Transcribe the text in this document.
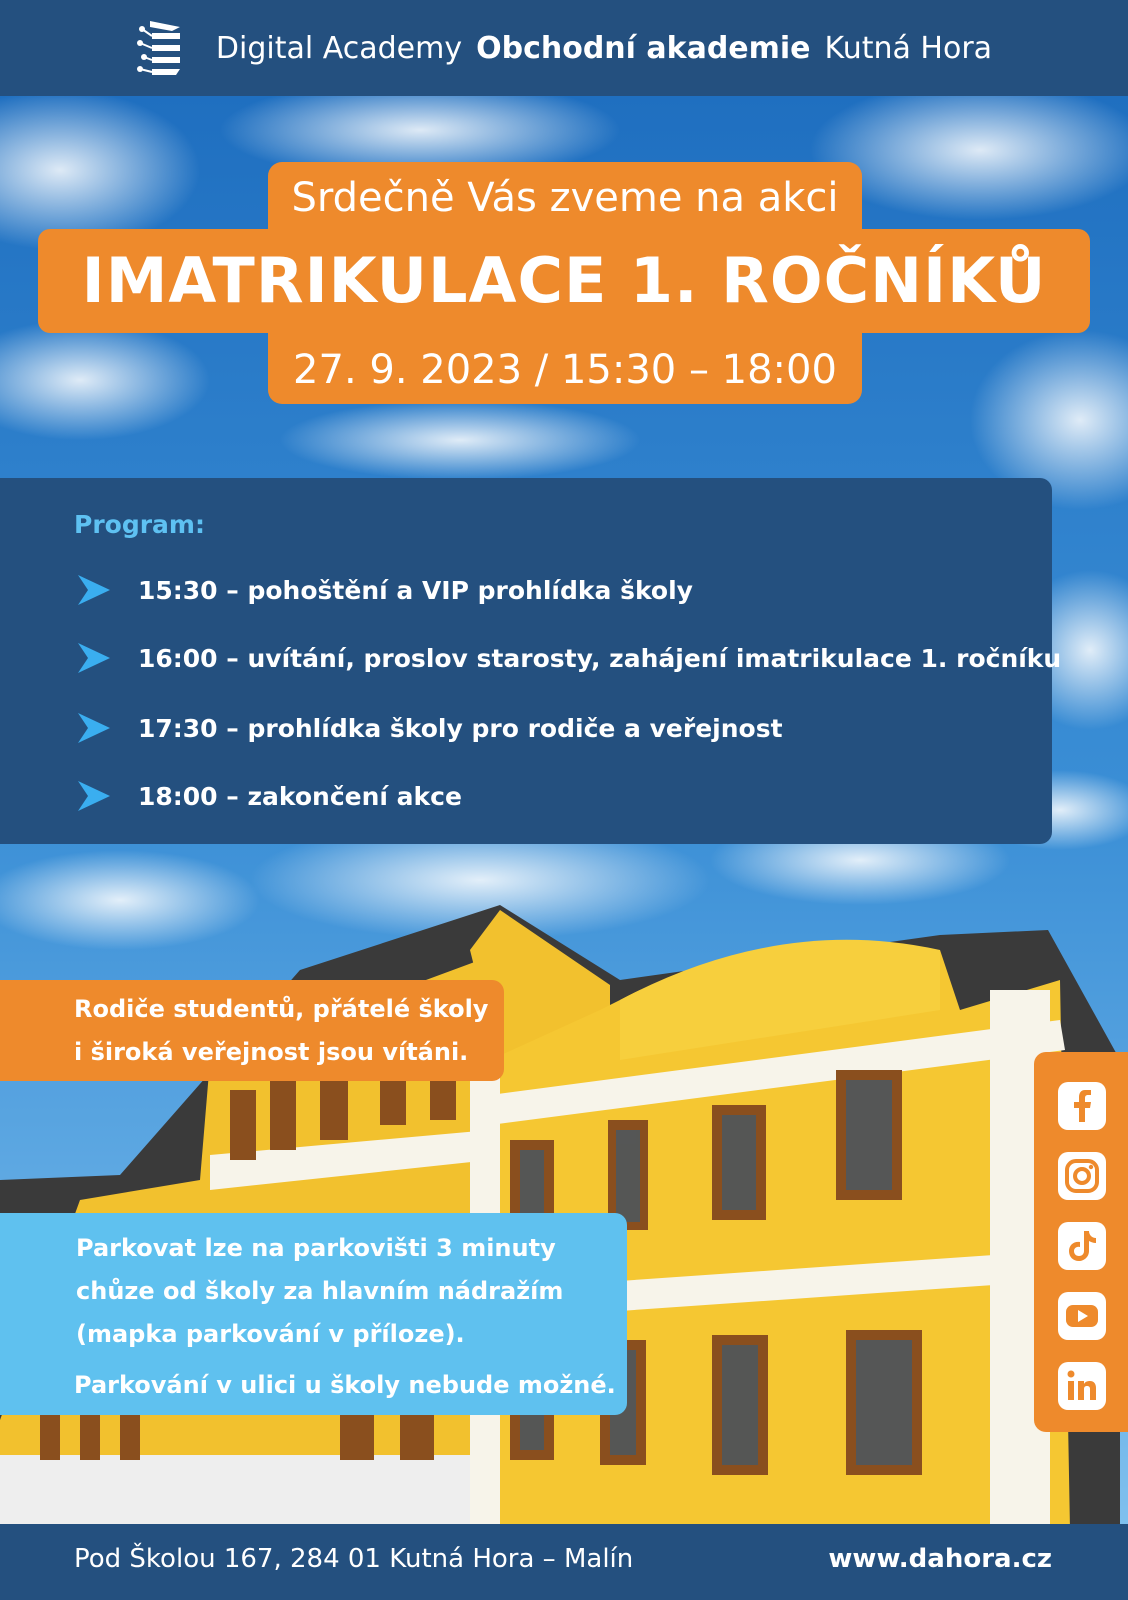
Digital Academy Obchodní akademie Kutná Hora
Srdečně Vás zveme na akci
IMATRIKULACE 1. ROČNÍKŮ
27. 9. 2023 / 15:30 – 18:00
Program:
15:30 – pohoštění a VIP prohlídka školy
16:00 – uvítání, proslov starosty, zahájení imatrikulace 1. ročníku
17:30 – prohlídka školy pro rodiče a veřejnost
18:00 – zakončení akce
Rodiče studentů, přátelé školy
i široká veřejnost jsou vítáni.
Parkovat lze na parkovišti 3 minuty
chůze od školy za hlavním nádražím
(mapka parkování v příloze).
Parkování v ulici u školy nebude možné.
Pod Školou 167, 284 01 Kutná Hora – Malín	www.dahora.cz
